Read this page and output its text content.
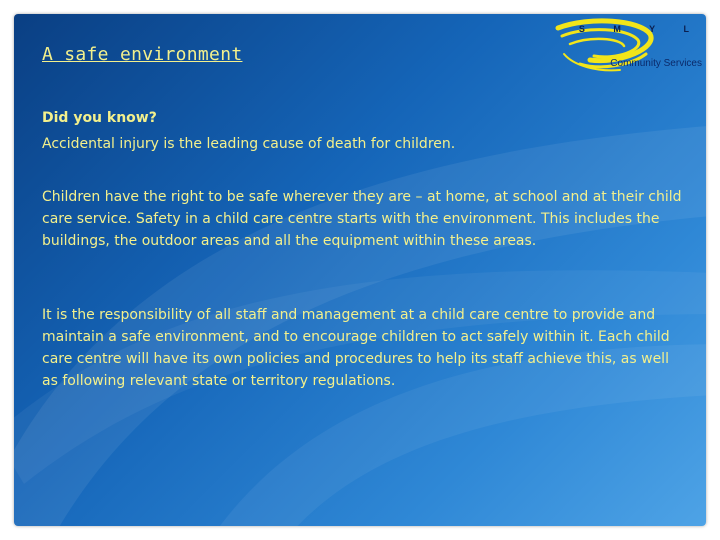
A safe environment
S M Y L
Community Services

Did you know?

Accidental injury is the leading cause of death for children.

Children have the right to be safe wherever they are – at home, at school and at their child care service. Safety in a child care centre starts with the environment. This includes the buildings, the outdoor areas and all the equipment within these areas.

It is the responsibility of all staff and management at a child care centre to provide and maintain a safe environment, and to encourage children to act safely within it. Each child care centre will have its own policies and procedures to help its staff achieve this, as well as following relevant state or territory regulations.
